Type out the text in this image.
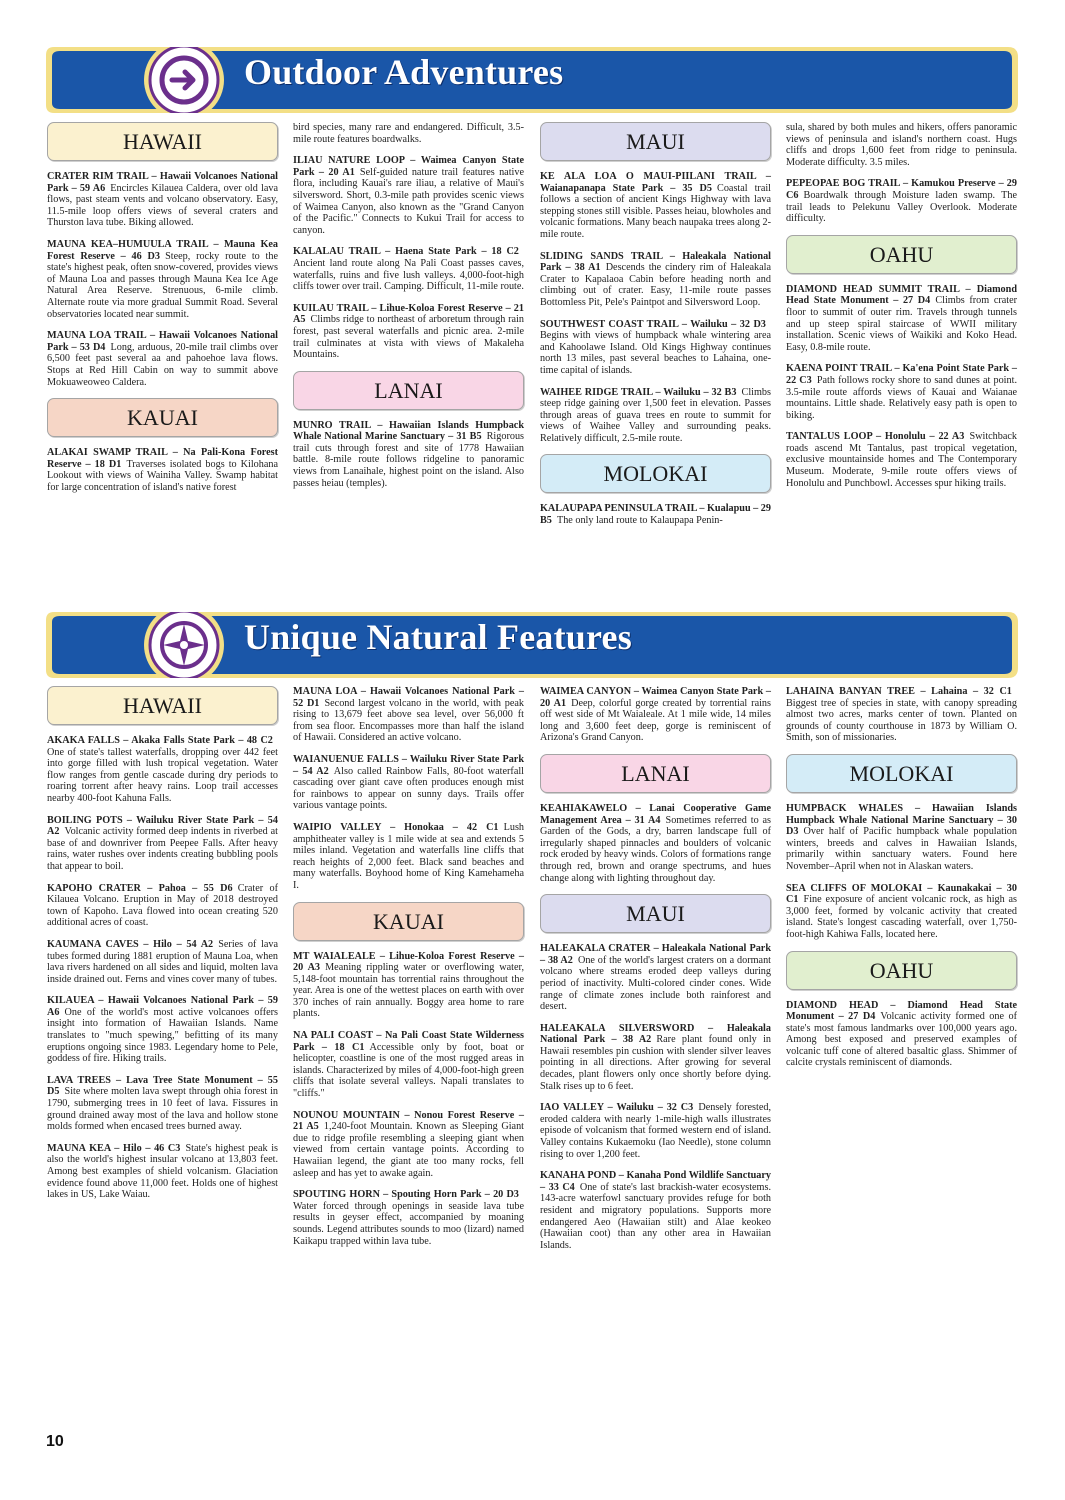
Outdoor Adventures
Unique Natural Features
HAWAII
CRATER RIM TRAIL – Hawaii Volcanoes National Park – 59 A6  Encircles Kilauea Caldera, over old lava flows, past steam vents and volcano observatory. Easy, 11.5-mile loop offers views of several craters and Thurston lava tube. Biking allowed.
MAUNA KEA–HUMUULA TRAIL – Mauna Kea Forest Reserve – 46 D3  Steep, rocky route to the state's highest peak, often snow-covered, provides views of Mauna Loa and passes through Mauna Kea Ice Age Natural Area Reserve. Strenuous, 6-mile climb. Alternate route via more gradual Summit Road. Several observatories located near summit.
MAUNA LOA TRAIL – Hawaii Volcanoes National Park – 53 D4  Long, arduous, 20-mile trail climbs over 6,500 feet past several aa and pahoehoe lava flows. Stops at Red Hill Cabin on way to summit above Mokuaweoweo Caldera.
KAUAI
ALAKAI SWAMP TRAIL – Na Pali-Kona Forest Reserve – 18 D1  Traverses isolated bogs to Kilohana Lookout with views of Wainiha Valley. Swamp habitat for large concentration of island's native forest
bird species, many rare and endangered. Difficult, 3.5-mile route features boardwalks.
ILIAU NATURE LOOP – Waimea Canyon State Park – 20 A1  Self-guided nature trail features native flora, including Kauai's rare iliau, a relative of Maui's silversword. Short, 0.3-mile path provides scenic views of Waimea Canyon, also known as the "Grand Canyon of the Pacific." Connects to Kukui Trail for access to canyon.
KALALAU TRAIL – Haena State Park – 18 C2 Ancient land route along Na Pali Coast passes caves, waterfalls, ruins and five lush valleys. 4,000-foot-high cliffs tower over trail. Camping. Difficult, 11-mile route.
KUILAU TRAIL – Lihue-Koloa Forest Reserve – 21 A5  Climbs ridge to northeast of arboretum through rain forest, past several waterfalls and picnic area. 2-mile trail culminates at vista with views of Makaleha Mountains.
LANAI
MUNRO TRAIL – Hawaiian Islands Humpback Whale National Marine Sanctuary – 31 B5  Rigorous trail cuts through forest and site of 1778 Hawaiian battle. 8-mile route follows ridgeline to panoramic views from Lanaihale, highest point on the island. Also passes heiau (temples).
MAUI
KE ALA LOA O MAUI-PIILANI TRAIL – Waianapanapa State Park – 35 D5  Coastal trail follows a section of ancient Kings Highway with lava stepping stones still visible. Passes heiau, blowholes and volcanic formations. Many beach naupaka trees along 2-mile route.
SLIDING SANDS TRAIL – Haleakala National Park – 38 A1  Descends the cindery rim of Haleakala Crater to Kapalaoa Cabin before heading north and climbing out of crater. Easy, 11-mile route passes Bottomless Pit, Pele's Paintpot and Silversword Loop.
SOUTHWEST COAST TRAIL – Wailuku – 32 D3 Begins with views of humpback whale wintering area and Kahoolawe Island. Old Kings Highway continues north 13 miles, past several beaches to Lahaina, one-time capital of islands.
WAIHEE RIDGE TRAIL – Wailuku – 32 B3  Climbs steep ridge gaining over 1,500 feet in elevation. Passes through areas of guava trees en route to summit for views of Waihee Valley and surrounding peaks. Relatively difficult, 2.5-mile route.
MOLOKAI
KALAUPAPA PENINSULA TRAIL – Kualapuu – 29 B5  The only land route to Kalaupapa Penin-
sula, shared by both mules and hikers, offers panoramic views of peninsula and island's northern coast. Hugs cliffs and drops 1,600 feet from ridge to peninsula. Moderate difficulty. 3.5 miles.
PEPEOPAE BOG TRAIL – Kamukou Preserve – 29 C6  Boardwalk through Moisture laden swamp. The trail leads to Pelekunu Valley Overlook. Moderate difficulty.
OAHU
DIAMOND HEAD SUMMIT TRAIL – Diamond Head State Monument – 27 D4  Climbs from crater floor to summit of outer rim. Travels through tunnels and up steep spiral staircase of WWII military installation. Scenic views of Waikiki and Koko Head. Easy, 0.8-mile route.
KAENA POINT TRAIL – Ka'ena Point State Park – 22 C3  Path follows rocky shore to sand dunes at point. 3.5-mile route affords views of Kauai and Waianae mountains. Little shade. Relatively easy path is open to biking.
TANTALUS LOOP – Honolulu – 22 A3  Switchback roads ascend Mt Tantalus, past tropical vegetation, exclusive mountainside homes and The Contemporary Museum. Moderate, 9-mile route offers views of Honolulu and Punchbowl. Accesses spur hiking trails.
HAWAII
AKAKA FALLS – Akaka Falls State Park – 48 C2 One of state's tallest waterfalls, dropping over 442 feet into gorge filled with lush tropical vegetation. Water flow ranges from gentle cascade during dry periods to roaring torrent after heavy rains. Loop trail accesses nearby 400-foot Kahuna Falls.
BOILING POTS – Wailuku River State Park – 54 A2  Volcanic activity formed deep indents in riverbed at base of and downriver from Peepee Falls. After heavy rains, water rushes over indents creating bubbling pools that appear to boil.
KAPOHO CRATER – Pahoa – 55 D6  Crater of Kilauea Volcano. Eruption in May of 2018 destroyed town of Kapoho. Lava flowed into ocean creating 520 additional acres of coast.
KAUMANA CAVES – Hilo – 54 A2  Series of lava tubes formed during 1881 eruption of Mauna Loa, when lava rivers hardened on all sides and liquid, molten lava inside drained out. Ferns and vines cover many of tubes.
KILAUEA – Hawaii Volcanoes National Park – 59 A6  One of the world's most active volcanoes offers insight into formation of Hawaiian Islands. Name translates to "much spewing," befitting of its many eruptions ongoing since 1983. Legendary home to Pele, goddess of fire. Hiking trails.
LAVA TREES – Lava Tree State Monument – 55 D5  Site where molten lava swept through ohia forest in 1790, submerging trees in 10 feet of lava. Fissures in ground drained away most of the lava and hollow stone molds formed when encased trees burned away.
MAUNA KEA – Hilo – 46 C3  State's highest peak is also the world's highest insular volcano at 13,803 feet. Among best examples of shield volcanism. Glaciation evidence found above 11,000 feet. Holds one of highest lakes in US, Lake Waiau.
MAUNA LOA – Hawaii Volcanoes National Park – 52 D1  Second largest volcano in the world, with peak rising to 13,679 feet above sea level, over 56,000 ft from sea floor. Encompasses more than half the island of Hawaii. Considered an active volcano.
WAIANUENUE FALLS – Wailuku River State Park – 54 A2  Also called Rainbow Falls, 80-foot waterfall cascading over giant cave often produces enough mist for rainbows to appear on sunny days. Trails offer various vantage points.
WAIPIO VALLEY – Honokaa – 42 C1  Lush amphitheater valley is 1 mile wide at sea and extends 5 miles inland. Vegetation and waterfalls line cliffs that reach heights of 2,000 feet. Black sand beaches and many waterfalls. Boyhood home of King Kamehameha I.
KAUAI
MT WAIALEALE – Lihue-Koloa Forest Reserve – 20 A3  Meaning rippling water or overflowing water, 5,148-foot mountain has torrential rains throughout the year. Area is one of the wettest places on earth with over 370 inches of rain annually. Boggy area home to rare plants.
NA PALI COAST – Na Pali Coast State Wilderness Park – 18 C1  Accessible only by foot, boat or helicopter, coastline is one of the most rugged areas in islands. Characterized by miles of 4,000-foot-high green cliffs that isolate several valleys. Napali translates to "cliffs."
NOUNOU MOUNTAIN – Nonou Forest Reserve – 21 A5  1,240-foot Mountain. Known as Sleeping Giant due to ridge profile resembling a sleeping giant when viewed from certain vantage points. According to Hawaiian legend, the giant ate too many rocks, fell asleep and has yet to awake again.
SPOUTING HORN – Spouting Horn Park – 20 D3 Water forced through openings in seaside lava tube results in geyser effect, accompanied by moaning sounds. Legend attributes sounds to moo (lizard) named Kaikapu trapped within lava tube.
WAIMEA CANYON – Waimea Canyon State Park – 20 A1  Deep, colorful gorge created by torrential rains off west side of Mt Waialeale. At 1 mile wide, 14 miles long and 3,600 feet deep, gorge is reminiscent of Arizona's Grand Canyon.
LANAI
KEAHIAKAWELO – Lanai Cooperative Game Management Area – 31 A4  Sometimes referred to as Garden of the Gods, a dry, barren landscape full of irregularly shaped pinnacles and boulders of volcanic rock eroded by heavy winds. Colors of formations range through red, brown and orange spectrums, and hues change along with lighting throughout day.
MAUI
HALEAKALA CRATER – Haleakala National Park – 38 A2  One of the world's largest craters on a dormant volcano where streams eroded deep valleys during period of inactivity. Multi-colored cinder cones. Wide range of climate zones include both rainforest and desert.
HALEAKALA SILVERSWORD – Haleakala National Park – 38 A2  Rare plant found only in Hawaii resembles pin cushion with slender silver leaves pointing in all directions. After growing for several decades, plant flowers only once shortly before dying. Stalk rises up to 6 feet.
IAO VALLEY – Wailuku – 32 C3  Densely forested, eroded caldera with nearly 1-mile-high walls illustrates episode of volcanism that formed western end of island. Valley contains Kukaemoku (Iao Needle), stone column rising to over 1,200 feet.
KANAHA POND – Kanaha Pond Wildlife Sanctuary – 33 C4  One of state's last brackish-water ecosystems. 143-acre waterfowl sanctuary provides refuge for both resident and migratory populations. Supports more endangered Aeo (Hawaiian stilt) and Alae keokeo (Hawaiian coot) than any other area in Hawaiian Islands.
LAHAINA BANYAN TREE – Lahaina – 32 C1 Biggest tree of species in state, with canopy spreading almost two acres, marks center of town. Planted on grounds of county courthouse in 1873 by William O. Smith, son of missionaries.
MOLOKAI
HUMPBACK WHALES – Hawaiian Islands Humpback Whale National Marine Sanctuary – 30 D3  Over half of Pacific humpback whale population winters, breeds and calves in Hawaiian Islands, primarily within sanctuary waters. Found here November–April when not in Alaskan waters.
SEA CLIFFS OF MOLOKAI – Kaunakakai – 30 C1  Fine exposure of ancient volcanic rock, as high as 3,000 feet, formed by volcanic activity that created island. State's longest cascading waterfall, over 1,750-foot-high Kahiwa Falls, located here.
OAHU
DIAMOND HEAD – Diamond Head State Monument – 27 D4  Volcanic activity formed one of state's most famous landmarks over 100,000 years ago. Among best exposed and preserved examples of volcanic tuff cone of altered basaltic glass. Shimmer of calcite crystals reminiscent of diamonds.
10
